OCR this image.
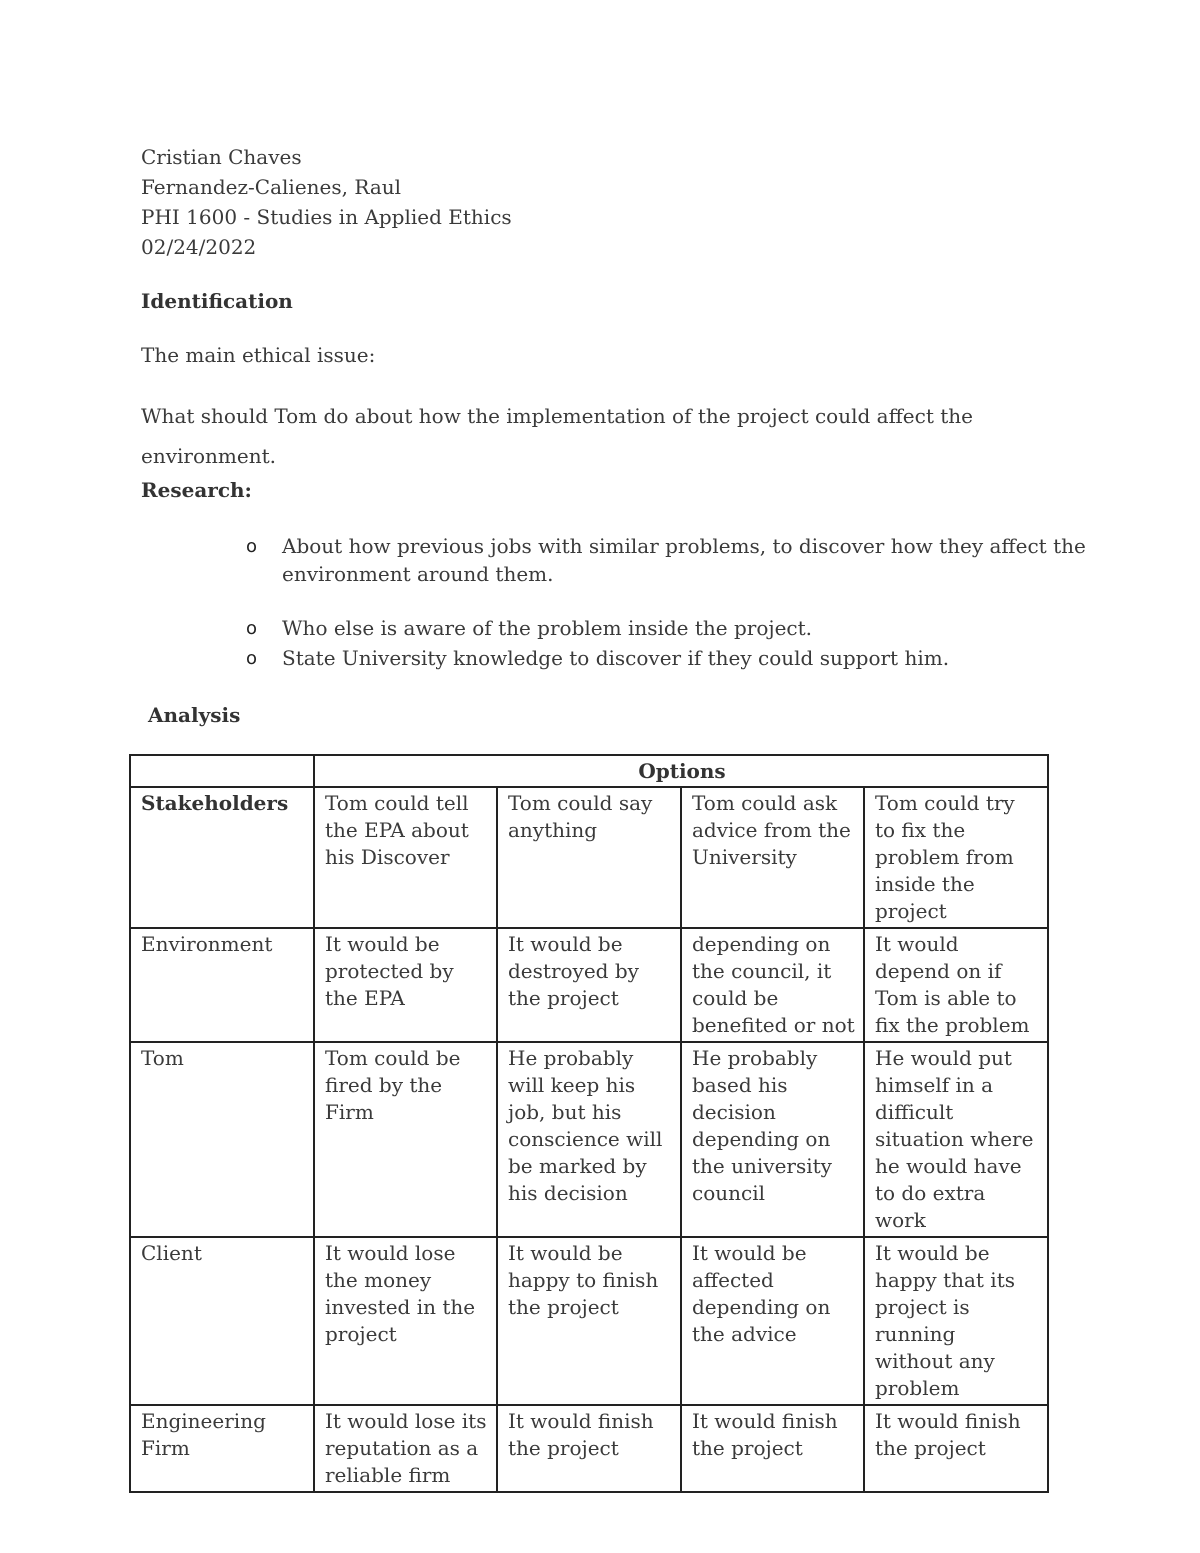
Cristian Chaves
Fernandez-Calienes, Raul
PHI 1600 - Studies in Applied Ethics
02/24/2022
Identification
The main ethical issue:
What should Tom do about how the implementation of the project could affect the environment.
Research:
o About how previous jobs with similar problems, to discover how they affect the environment around them.
o Who else is aware of the problem inside the project.
o State University knowledge to discover if they could support him.
Analysis
	Options			
Stakeholders	Tom could tell the EPA about his Discover	Tom could say anything	Tom could ask advice from the University	Tom could try to fix the problem from inside the project
Environment	It would be protected by the EPA	It would be destroyed by the project	depending on the council, it could be benefited or not	It would depend on if Tom is able to fix the problem
Tom	Tom could be fired by the Firm	He probably will keep his job, but his conscience will be marked by his decision	He probably based his decision depending on the university council	He would put himself in a difficult situation where he would have to do extra work
Client	It would lose the money invested in the project	It would be happy to finish the project	It would be affected depending on the advice	It would be happy that its project is running without any problem
Engineering Firm	It would lose its reputation as a reliable firm	It would finish the project	It would finish the project	It would finish the project
